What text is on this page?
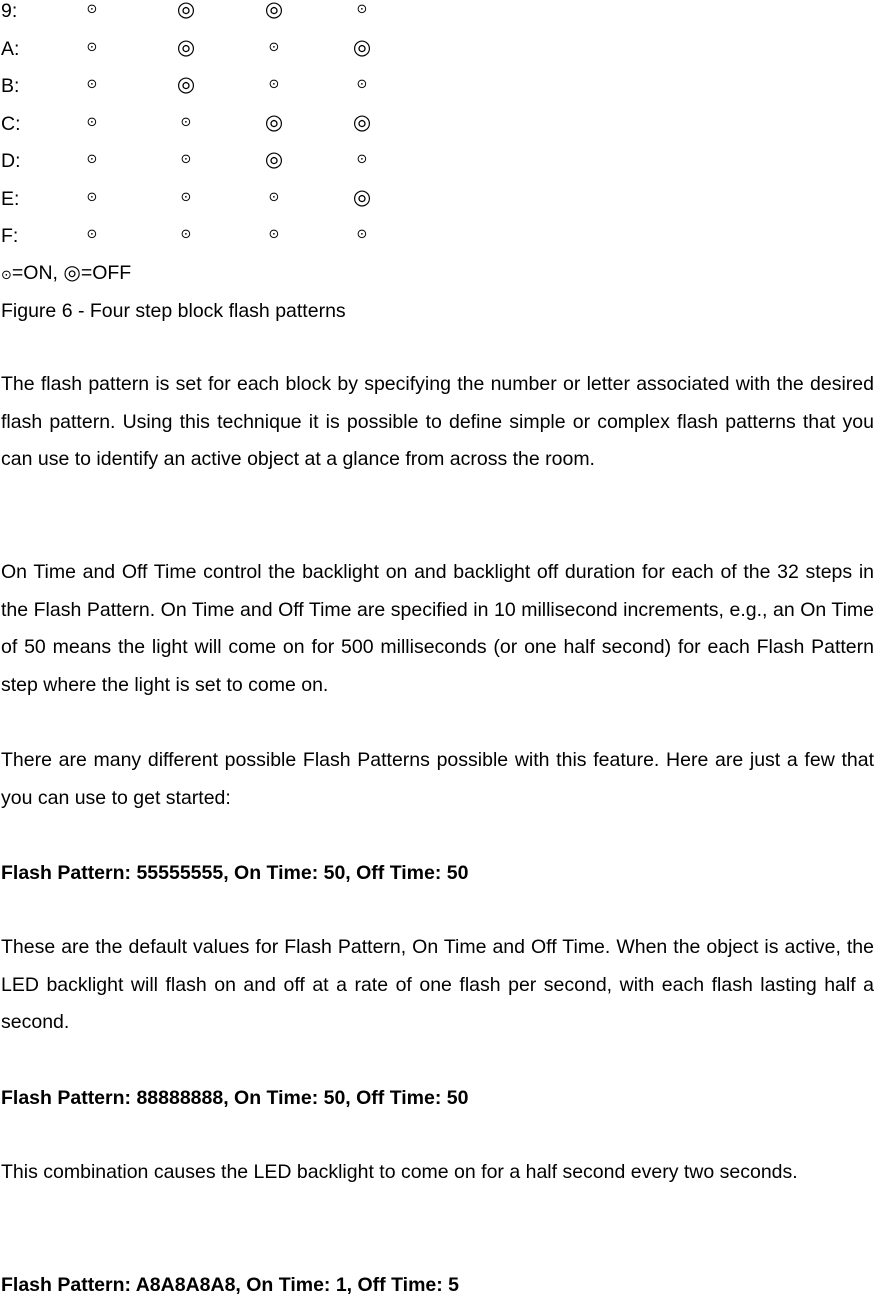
9:	⊙	◎	◎	⊙
A:	⊙	◎	⊙	◎
B:	⊙	◎	⊙	⊙
C:	⊙	⊙	◎	◎
D:	⊙	⊙	◎	⊙
E:	⊙	⊙	⊙	◎
F:	⊙	⊙	⊙	⊙
⊙=ON, ◎=OFF
Figure 6 - Four step block flash patterns

The flash pattern is set for each block by specifying the number or letter associated with the desired flash pattern. Using this technique it is possible to define simple or complex flash patterns that you can use to identify an active object at a glance from across the room.

On Time and Off Time control the backlight on and backlight off duration for each of the 32 steps in the Flash Pattern. On Time and Off Time are specified in 10 millisecond increments, e.g., an On Time of 50 means the light will come on for 500 milliseconds (or one half second) for each Flash Pattern step where the light is set to come on.

There are many different possible Flash Patterns possible with this feature. Here are just a few that you can use to get started:

Flash Pattern: 55555555, On Time: 50, Off Time: 50

These are the default values for Flash Pattern, On Time and Off Time. When the object is active, the LED backlight will flash on and off at a rate of one flash per second, with each flash lasting half a second.

Flash Pattern: 88888888, On Time: 50, Off Time: 50

This combination causes the LED backlight to come on for a half second every two seconds.

Flash Pattern: A8A8A8A8, On Time: 1, Off Time: 5
